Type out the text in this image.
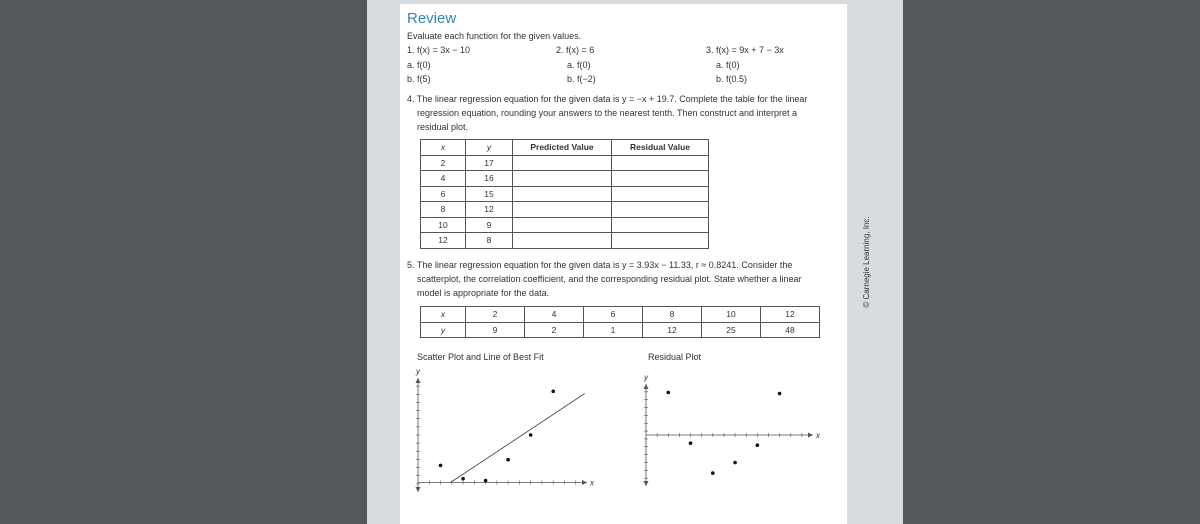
Review
Evaluate each function for the given values.
1. f(x) = 3x − 10
a. f(0)
b. f(5)
2. f(x) = 6
a. f(0)
b. f(−2)
3. f(x) = 9x + 7 − 3x
a. f(0)
b. f(0.5)
4. The linear regression equation for the given data is y = −x + 19.7. Complete the table for the linear
regression equation, rounding your answers to the nearest tenth. Then construct and interpret a
residual plot.
x	y	Predicted Value	Residual Value
2	17		
4	16		
6	15		
8	12		
10	9		
12	8		
5. The linear regression equation for the given data is y = 3.93x − 11.33, r ≈ 0.8241. Consider the
scatterplot, the correlation coefficient, and the corresponding residual plot. State whether a linear
model is appropriate for the data.
x	2	4	6	8	10	12
y	9	2	1	12	25	48
Scatter Plot and Line of Best Fit	Residual Plot
x
y
x
y
© Carnegie Learning, Inc.
